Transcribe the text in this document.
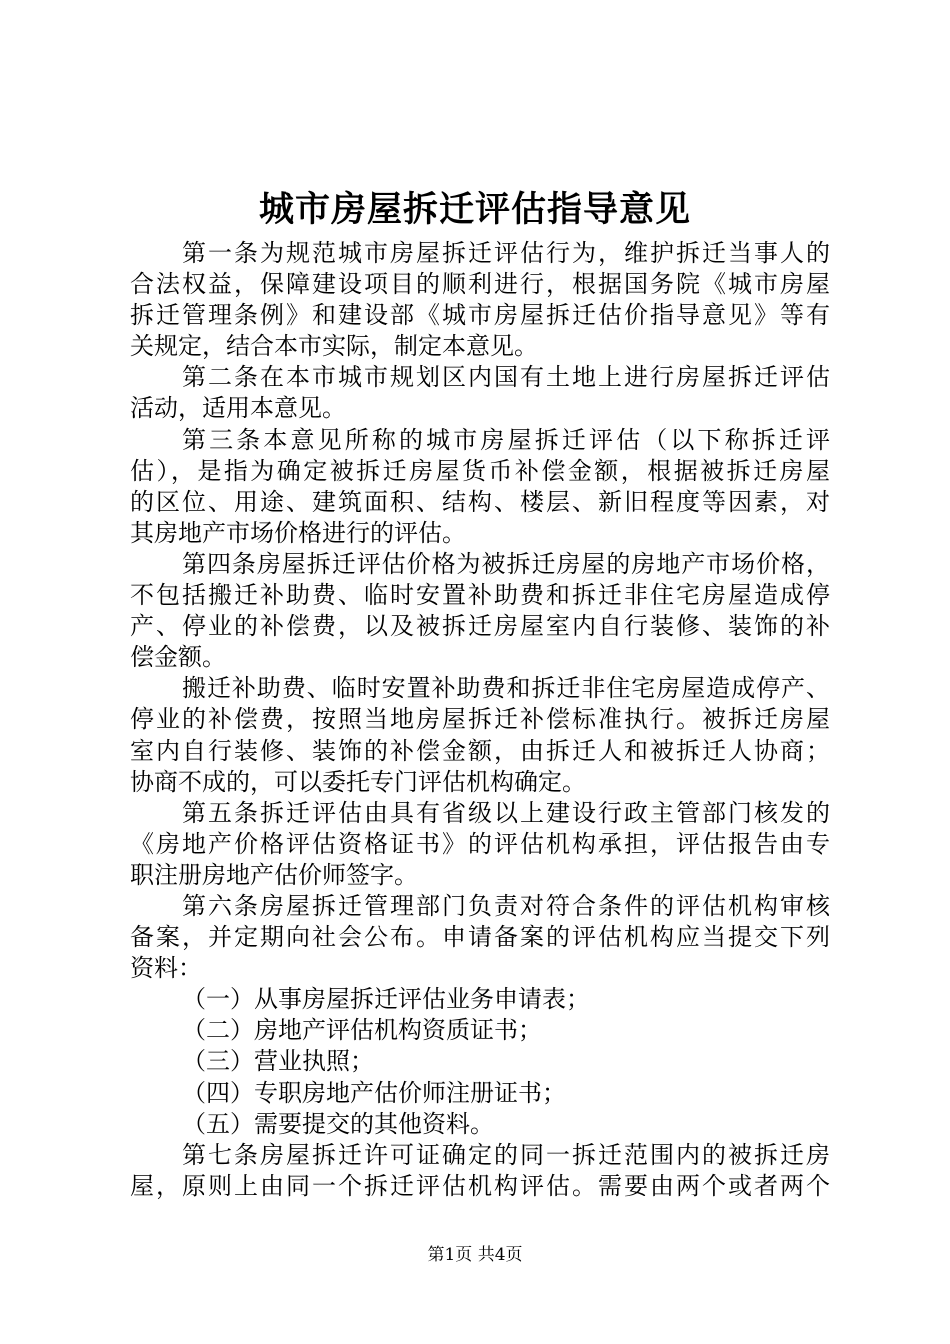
城市房屋拆迁评估指导意见
第一条为规范城市房屋拆迁评估行为，维护拆迁当事人的
合法权益，保障建设项目的顺利进行，根据国务院《城市房屋
拆迁管理条例》和建设部《城市房屋拆迁估价指导意见》等有
关规定，结合本市实际，制定本意见。
第二条在本市城市规划区内国有土地上进行房屋拆迁评估
活动，适用本意见。
第三条本意见所称的城市房屋拆迁评估（以下称拆迁评
估），是指为确定被拆迁房屋货币补偿金额，根据被拆迁房屋
的区位、用途、建筑面积、结构、楼层、新旧程度等因素，对
其房地产市场价格进行的评估。
第四条房屋拆迁评估价格为被拆迁房屋的房地产市场价格，
不包括搬迁补助费、临时安置补助费和拆迁非住宅房屋造成停
产、停业的补偿费，以及被拆迁房屋室内自行装修、装饰的补
偿金额。
搬迁补助费、临时安置补助费和拆迁非住宅房屋造成停产、
停业的补偿费，按照当地房屋拆迁补偿标准执行。被拆迁房屋
室内自行装修、装饰的补偿金额，由拆迁人和被拆迁人协商；
协商不成的，可以委托专门评估机构确定。
第五条拆迁评估由具有省级以上建设行政主管部门核发的
《房地产价格评估资格证书》的评估机构承担，评估报告由专
职注册房地产估价师签字。
第六条房屋拆迁管理部门负责对符合条件的评估机构审核
备案，并定期向社会公布。申请备案的评估机构应当提交下列
资料：
（一）从事房屋拆迁评估业务申请表；
（二）房地产评估机构资质证书；
（三）营业执照；
（四）专职房地产估价师注册证书；
（五）需要提交的其他资料。
第七条房屋拆迁许可证确定的同一拆迁范围内的被拆迁房
屋，原则上由同一个拆迁评估机构评估。需要由两个或者两个
第1页 共4页
